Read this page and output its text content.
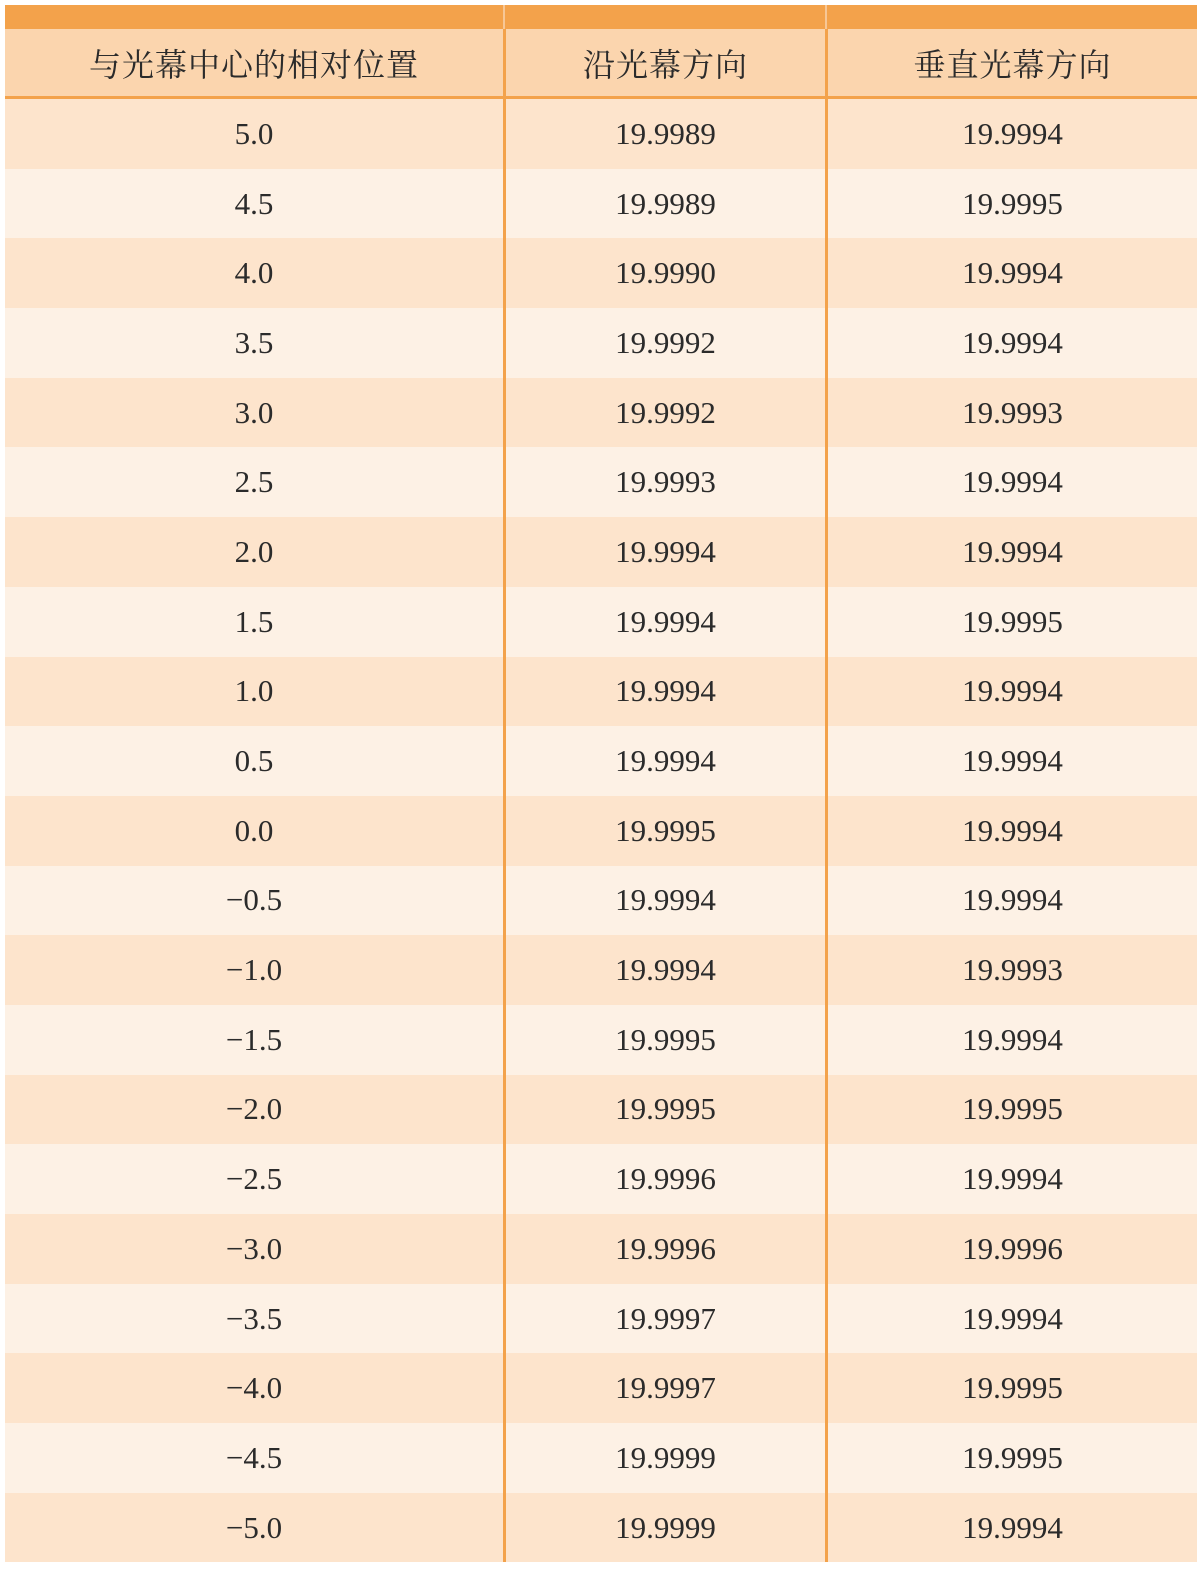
与光幕中心的相对位置	沿光幕方向	垂直光幕方向
5.0	19.9989	19.9994
4.5	19.9989	19.9995
4.0	19.9990	19.9994
3.5	19.9992	19.9994
3.0	19.9992	19.9993
2.5	19.9993	19.9994
2.0	19.9994	19.9994
1.5	19.9994	19.9995
1.0	19.9994	19.9994
0.5	19.9994	19.9994
0.0	19.9995	19.9994
−0.5	19.9994	19.9994
−1.0	19.9994	19.9993
−1.5	19.9995	19.9994
−2.0	19.9995	19.9995
−2.5	19.9996	19.9994
−3.0	19.9996	19.9996
−3.5	19.9997	19.9994
−4.0	19.9997	19.9995
−4.5	19.9999	19.9995
−5.0	19.9999	19.9994
